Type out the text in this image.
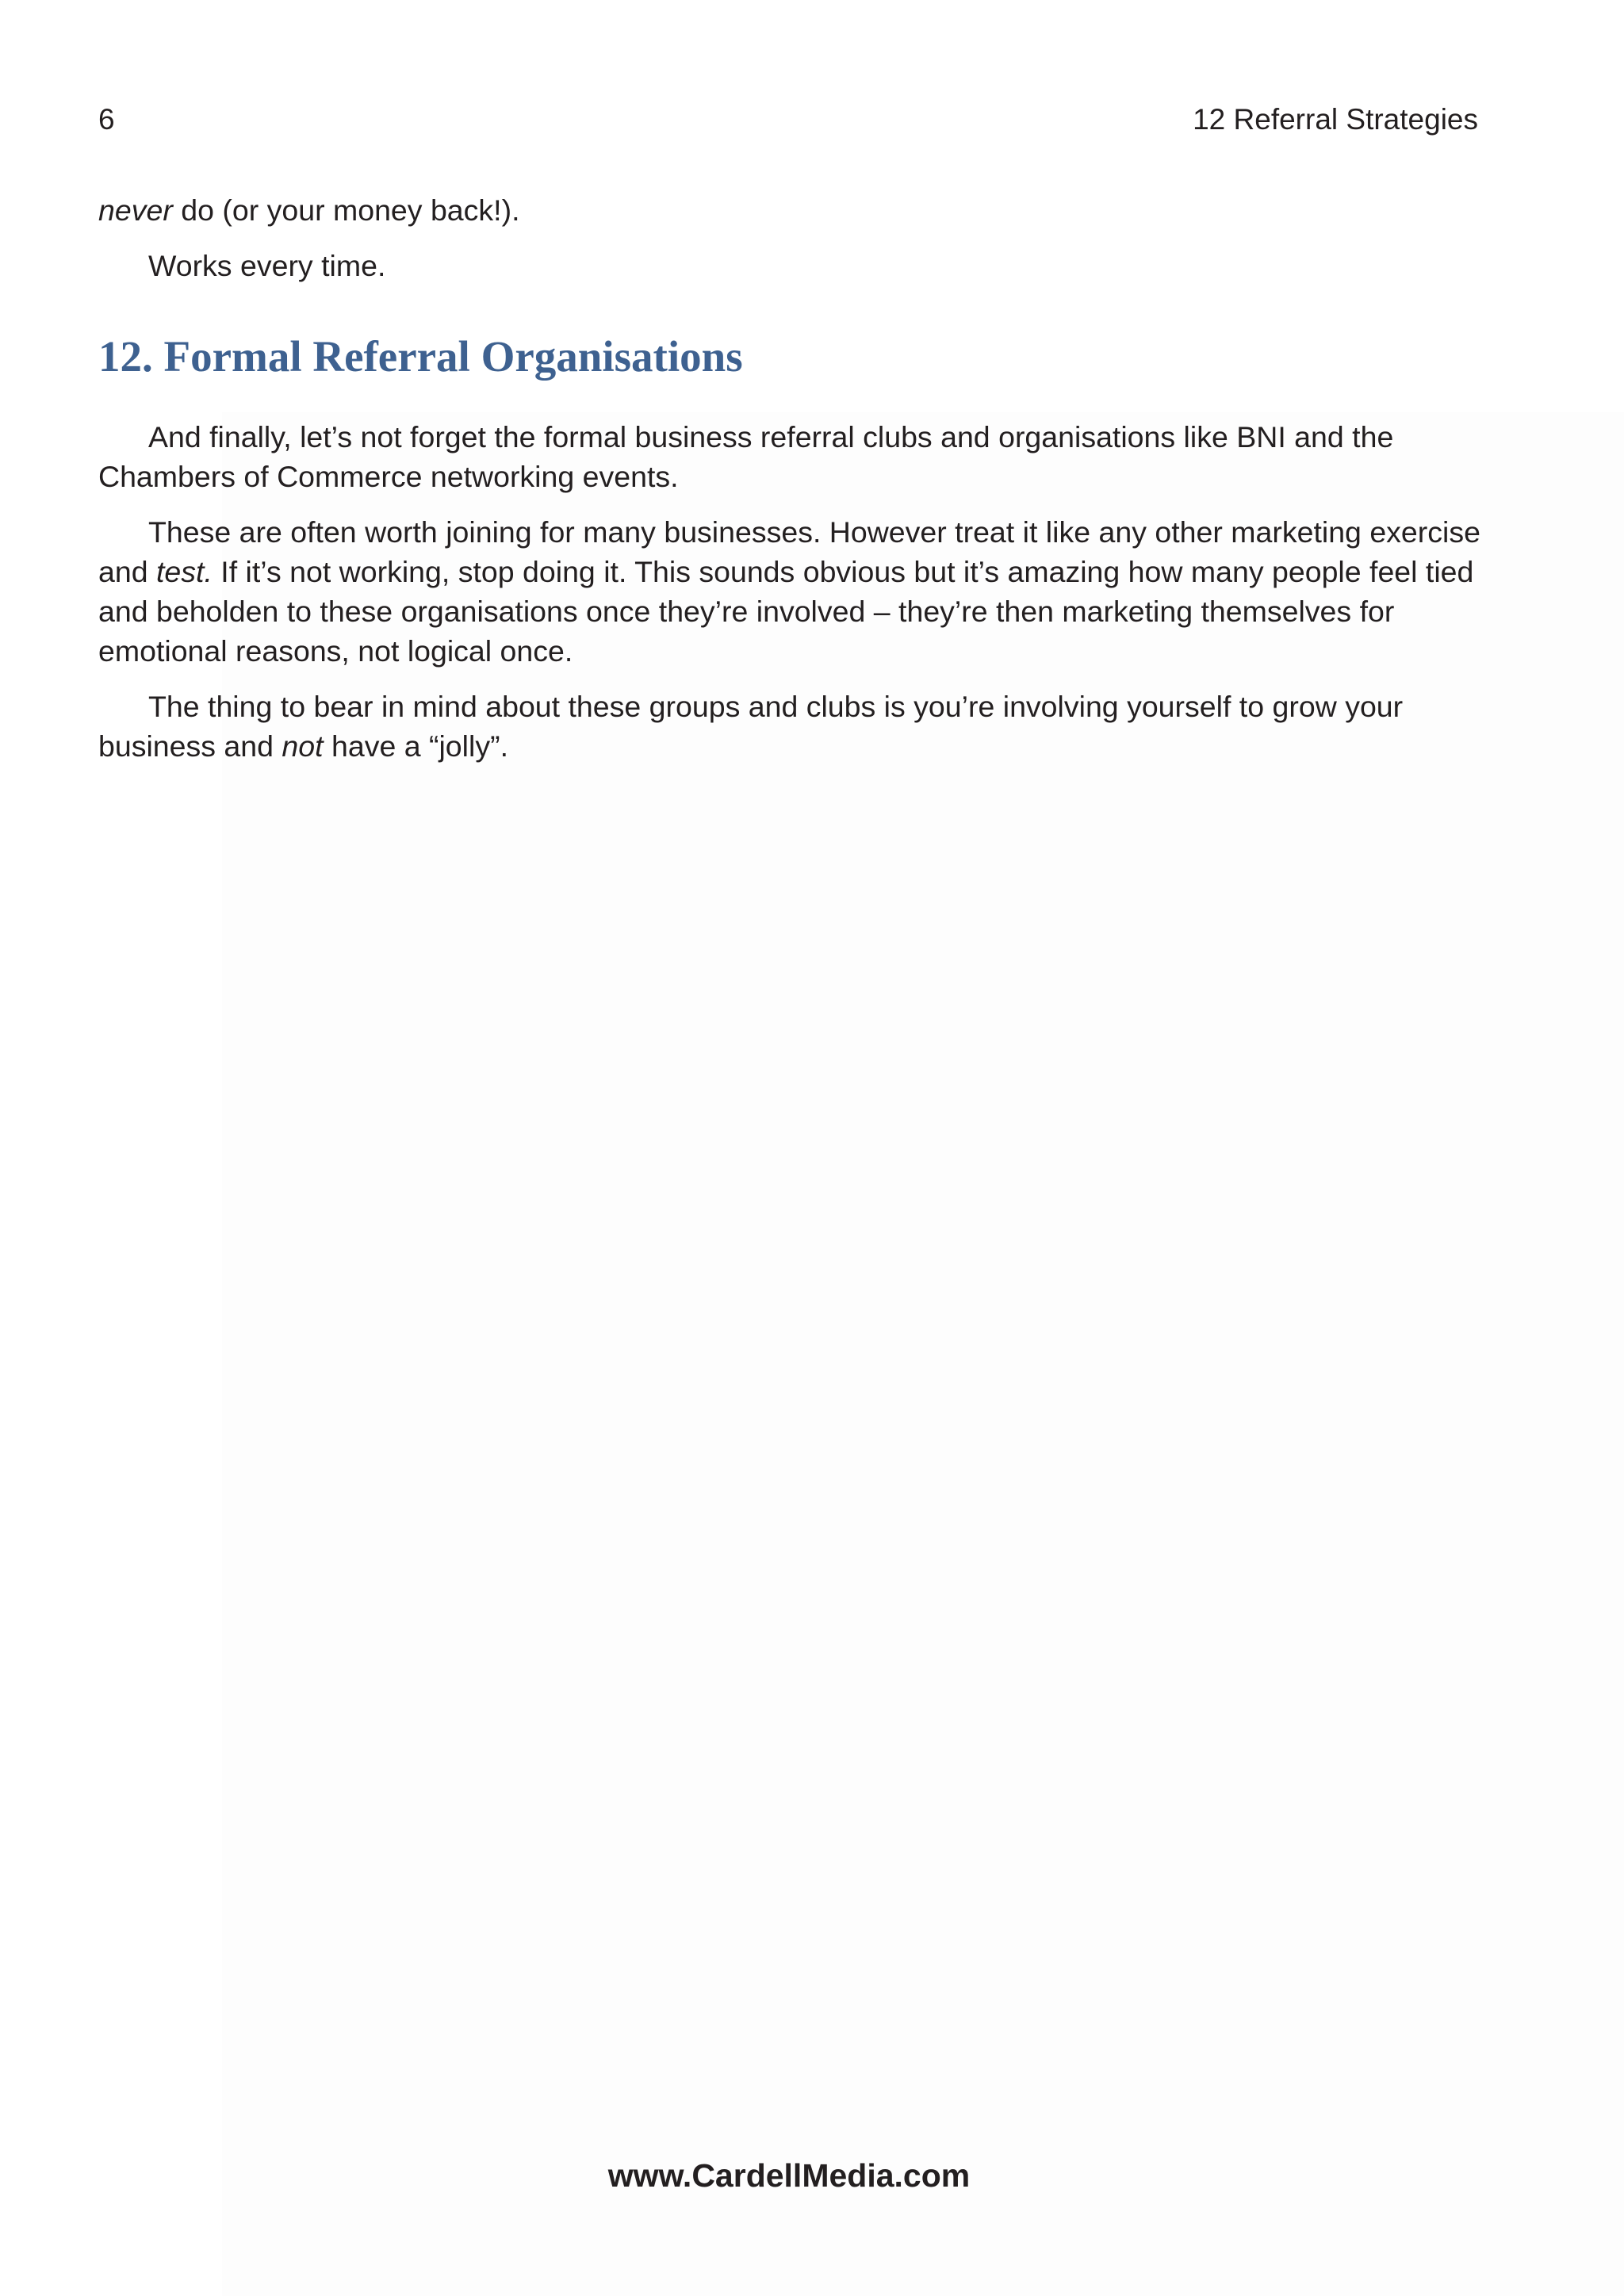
6	12 Referral Strategies

never do (or your money back!).

Works every time.

12. Formal Referral Organisations

And finally, let’s not forget the formal business referral clubs and organisations like BNI and the Chambers of Commerce networking events.

These are often worth joining for many businesses. However treat it like any other marketing exercise and test. If it’s not working, stop doing it. This sounds obvious but it’s amazing how many people feel tied and beholden to these organisations once they’re involved – they’re then marketing themselves for emotional reasons, not logical once.

The thing to bear in mind about these groups and clubs is you’re involving yourself to grow your business and not have a “jolly”.

www.CardellMedia.com
